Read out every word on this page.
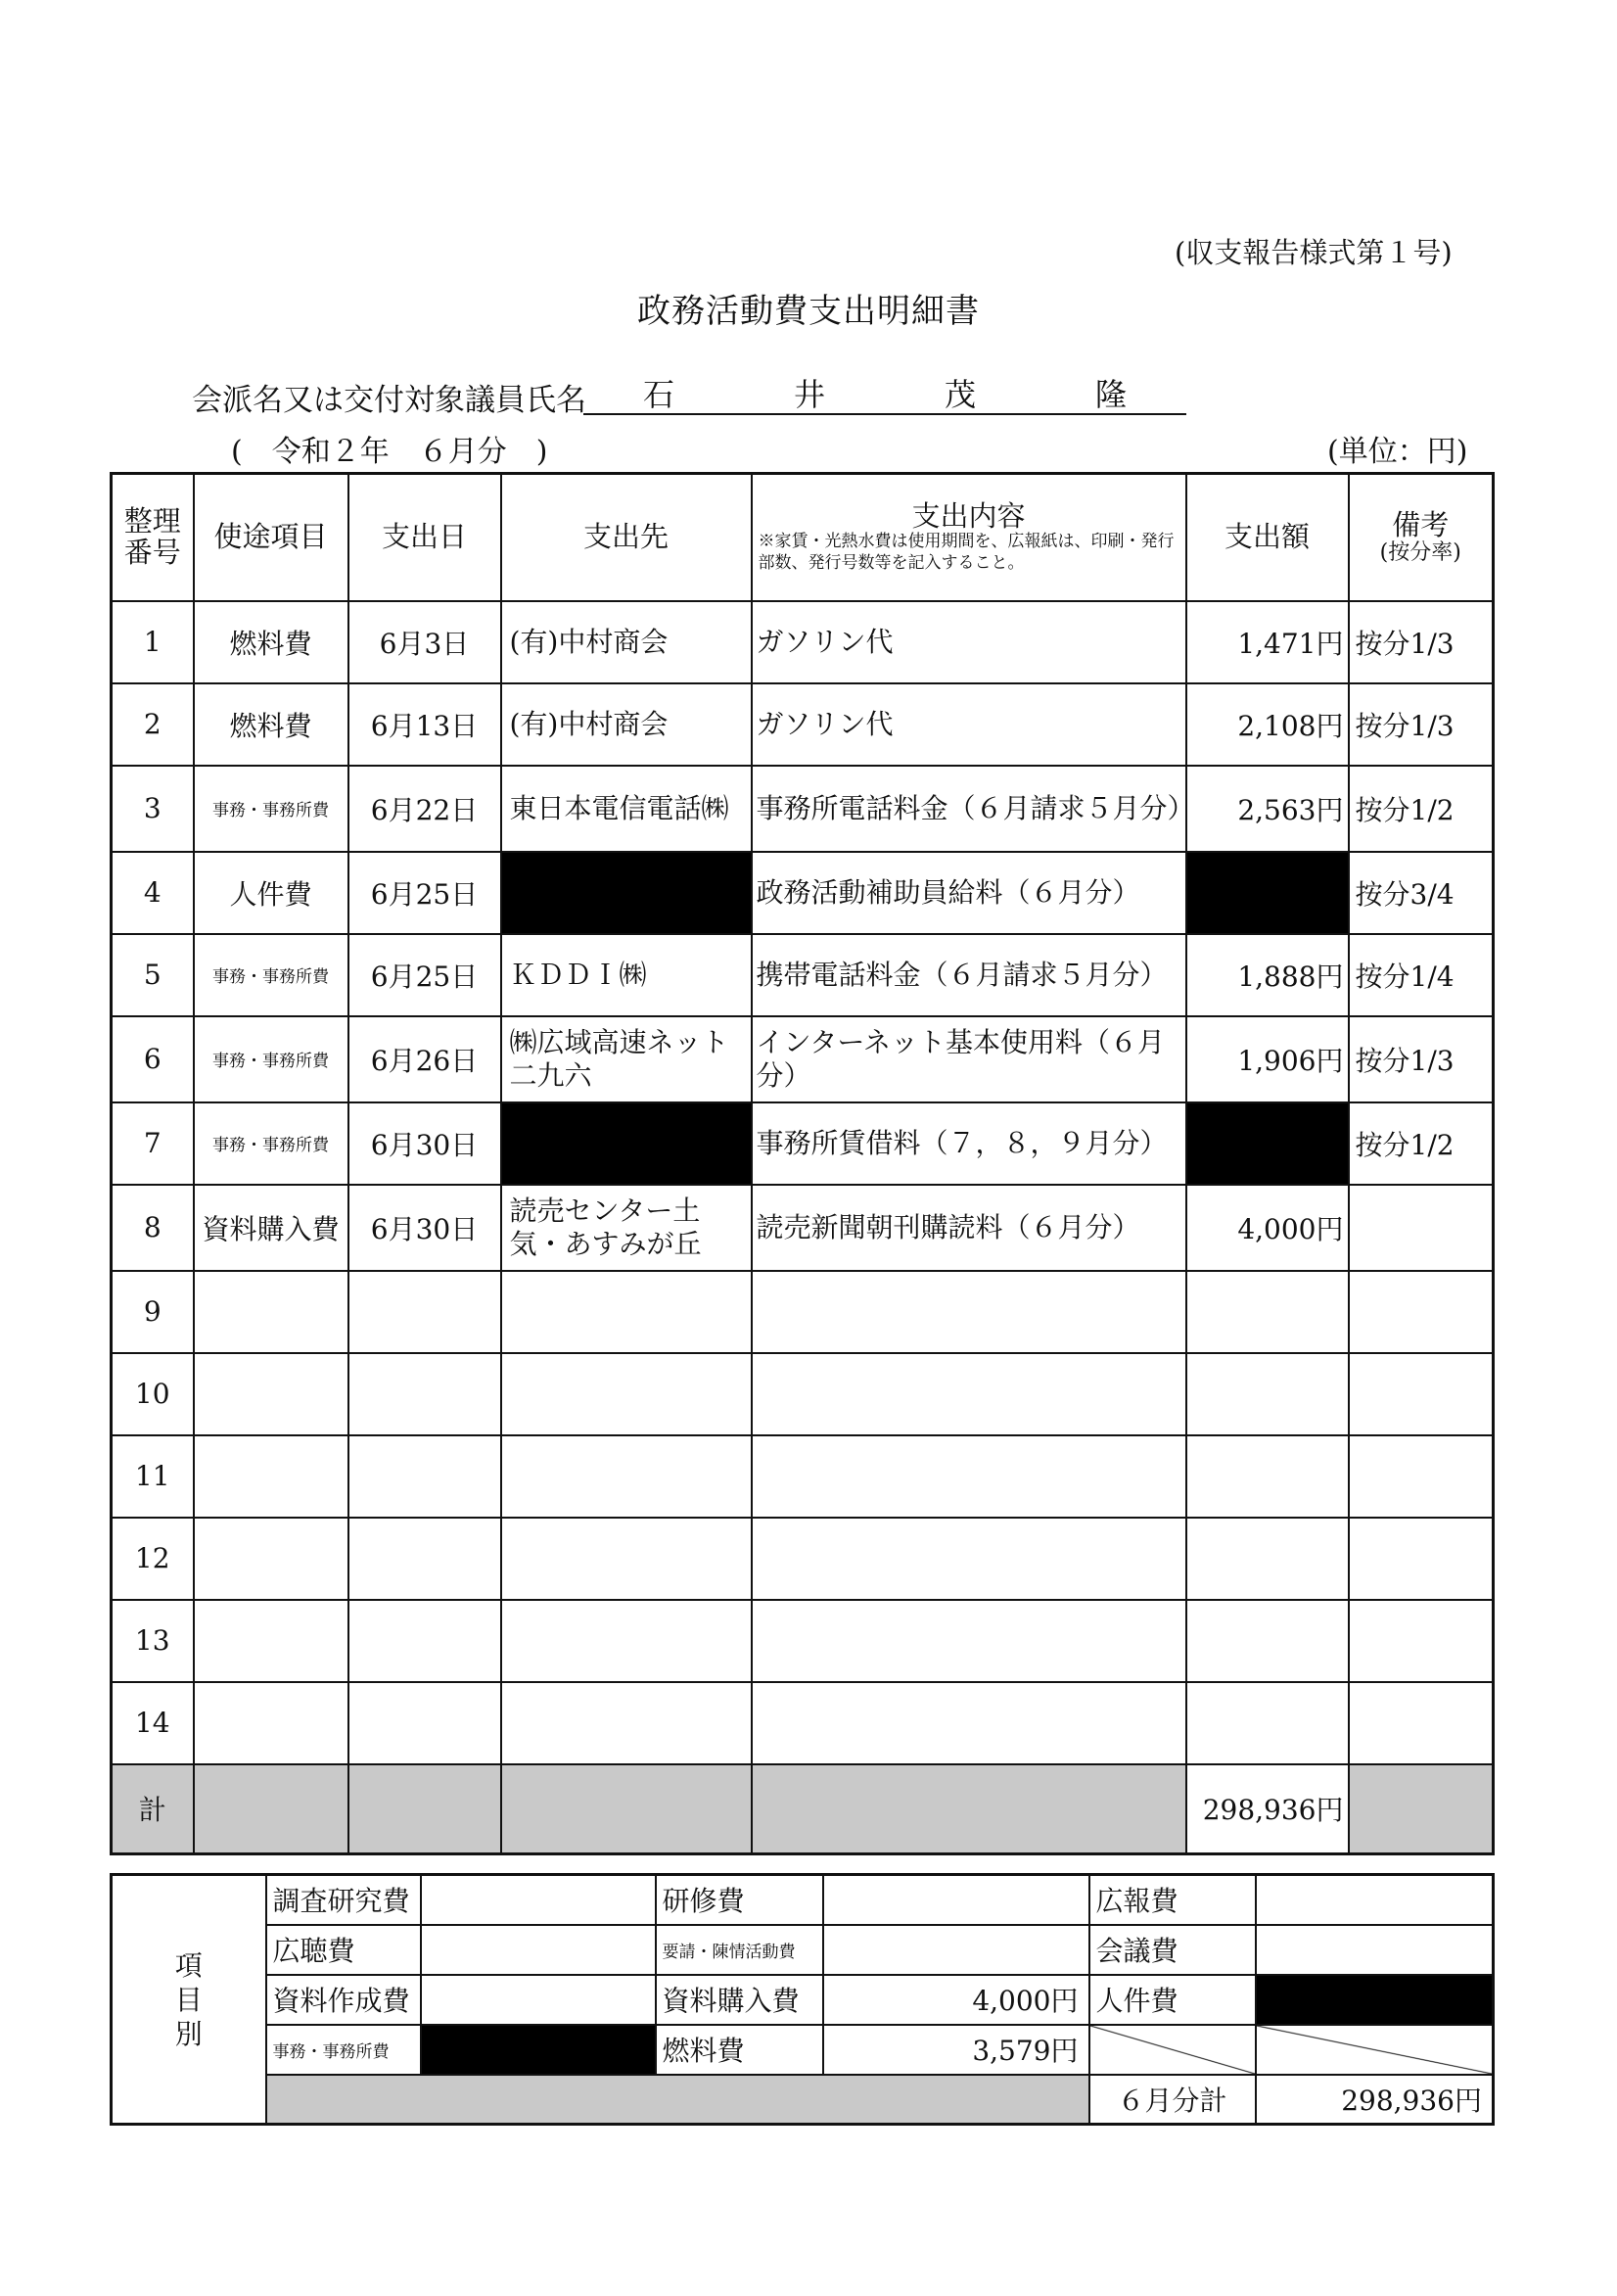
(収支報告様式第１号)
政務活動費支出明細書
会派名又は交付対象議員氏名 石	井	茂	隆
(　令和２年　６月分　)	(単位：円)
整理番号	使途項目	支出日	支出先	支出内容
※家賃・光熱水費は使用期間を、広報紙は、印刷・発行部数、発行号数等を記入すること。	支出額	備考
(按分率)

1	燃料費	6月3日	(有)中村商会	ガソリン代	1,471円	按分1/3
2	燃料費	6月13日	(有)中村商会	ガソリン代	2,108円	按分1/3
3	事務・事務所費	6月22日	東日本電信電話㈱	事務所電話料金（６月請求５月分）	2,563円	按分1/2
4	人件費	6月25日		政務活動補助員給料（６月分）		按分3/4
5	事務・事務所費	6月25日	ＫＤＤＩ㈱	携帯電話料金（６月請求５月分）	1,888円	按分1/4
6	事務・事務所費	6月26日	㈱広域高速ネット二九六	インターネット基本使用料（６月分）	1,906円	按分1/3
7	事務・事務所費	6月30日		事務所賃借料（７，８，９月分）		按分1/2
8	資料購入費	6月30日	読売センター土気・あすみが丘	読売新聞朝刊購読料（６月分）	4,000円	
9						
10						
11						
12						
13						
14						
計					298,936円	
項
目
別	調査研究費		研修費		広報費	
	広聴費		要請・陳情活動費		会議費	
	資料作成費		資料購入費	4,000円	人件費	
	事務・事務所費		燃料費	3,579円		
					６月分計	298,936円
